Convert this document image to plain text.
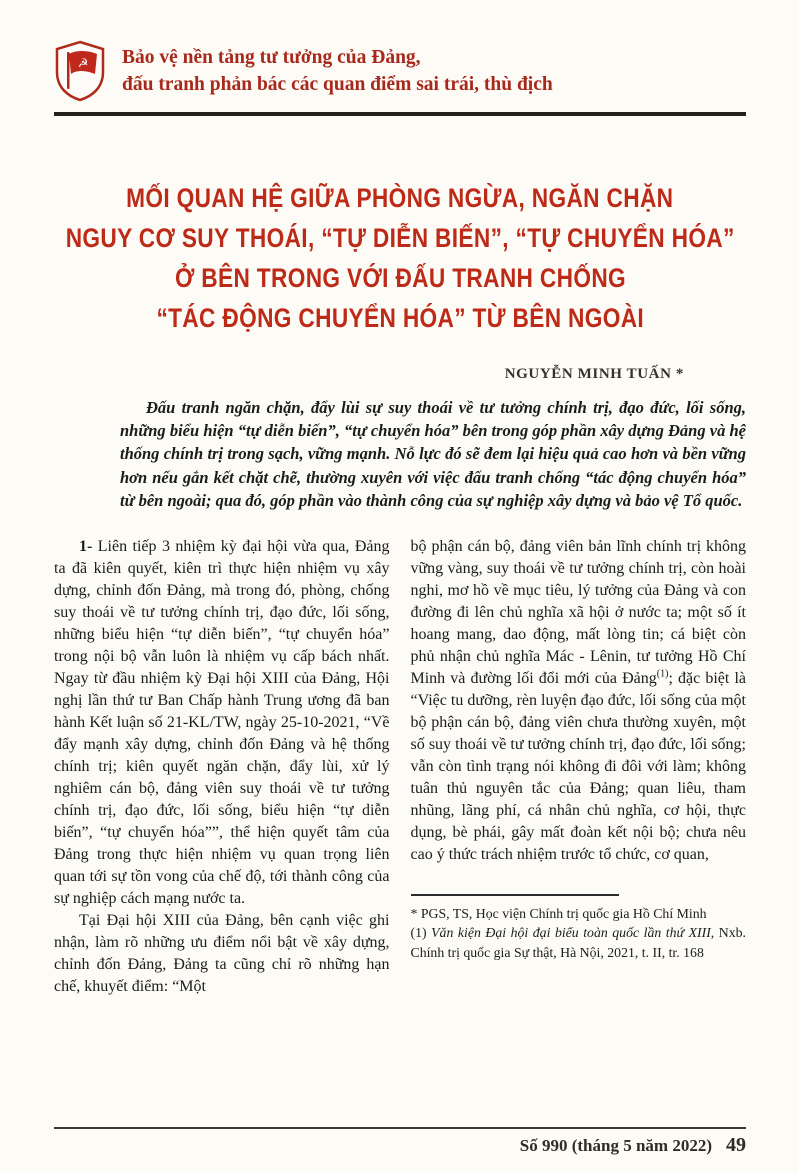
☭ Bảo vệ nền tảng tư tưởng của Đảng,
đấu tranh phản bác các quan điểm sai trái, thù địch
MỐI QUAN HỆ GIỮA PHÒNG NGỪA, NGĂN CHẶN
NGUY CƠ SUY THOÁI, “TỰ DIỄN BIẾN”, “TỰ CHUYỂN HÓA”
Ở BÊN TRONG VỚI ĐẤU TRANH CHỐNG
“TÁC ĐỘNG CHUYỂN HÓA” TỪ BÊN NGOÀI
NGUYỄN MINH TUẤN *

Đấu tranh ngăn chặn, đẩy lùi sự suy thoái về tư tưởng chính trị, đạo đức, lối sống, những biểu hiện “tự diễn biến”, “tự chuyển hóa” bên trong góp phần xây dựng Đảng và hệ thống chính trị trong sạch, vững mạnh. Nỗ lực đó sẽ đem lại hiệu quả cao hơn và bền vững hơn nếu gắn kết chặt chẽ, thường xuyên với việc đấu tranh chống “tác động chuyển hóa” từ bên ngoài; qua đó, góp phần vào thành công của sự nghiệp xây dựng và bảo vệ Tổ quốc.

1- Liên tiếp 3 nhiệm kỳ đại hội vừa qua, Đảng ta đã kiên quyết, kiên trì thực hiện nhiệm vụ xây dựng, chỉnh đốn Đảng, mà trong đó, phòng, chống suy thoái về tư tưởng chính trị, đạo đức, lối sống, những biểu hiện “tự diễn biến”, “tự chuyển hóa” trong nội bộ vẫn luôn là nhiệm vụ cấp bách nhất. Ngay từ đầu nhiệm kỳ Đại hội XIII của Đảng, Hội nghị lần thứ tư Ban Chấp hành Trung ương đã ban hành Kết luận số 21-KL/TW, ngày 25-10-2021, “Về đẩy mạnh xây dựng, chỉnh đốn Đảng và hệ thống chính trị; kiên quyết ngăn chặn, đẩy lùi, xử lý nghiêm cán bộ, đảng viên suy thoái về tư tưởng chính trị, đạo đức, lối sống, biểu hiện “tự diễn biến”, “tự chuyển hóa””, thể hiện quyết tâm của Đảng trong thực hiện nhiệm vụ quan trọng liên quan tới sự tồn vong của chế độ, tới thành công của sự nghiệp cách mạng nước ta.

Tại Đại hội XIII của Đảng, bên cạnh việc ghi nhận, làm rõ những ưu điểm nổi bật về xây dựng, chỉnh đốn Đảng, Đảng ta cũng chỉ rõ những hạn chế, khuyết điểm: “Một

bộ phận cán bộ, đảng viên bản lĩnh chính trị không vững vàng, suy thoái về tư tưởng chính trị, còn hoài nghi, mơ hồ về mục tiêu, lý tưởng của Đảng và con đường đi lên chủ nghĩa xã hội ở nước ta; một số ít hoang mang, dao động, mất lòng tin; cá biệt còn phủ nhận chủ nghĩa Mác - Lênin, tư tưởng Hồ Chí Minh và đường lối đổi mới của Đảng$^{(1)}$; đặc biệt là “Việc tu dưỡng, rèn luyện đạo đức, lối sống của một bộ phận cán bộ, đảng viên chưa thường xuyên, một số suy thoái về tư tưởng chính trị, đạo đức, lối sống; vẫn còn tình trạng nói không đi đôi với làm; không tuân thủ nguyên tắc của Đảng; quan liêu, tham nhũng, lãng phí, cá nhân chủ nghĩa, cơ hội, thực dụng, bè phái, gây mất đoàn kết nội bộ; chưa nêu cao ý thức trách nhiệm trước tổ chức, cơ quan,

* PGS, TS, Học viện Chính trị quốc gia Hồ Chí Minh

(1) Văn kiện Đại hội đại biểu toàn quốc lần thứ XIII, Nxb. Chính trị quốc gia Sự thật, Hà Nội, 2021, t. II, tr. 168

Số 990 (tháng 5 năm 2022) 49
